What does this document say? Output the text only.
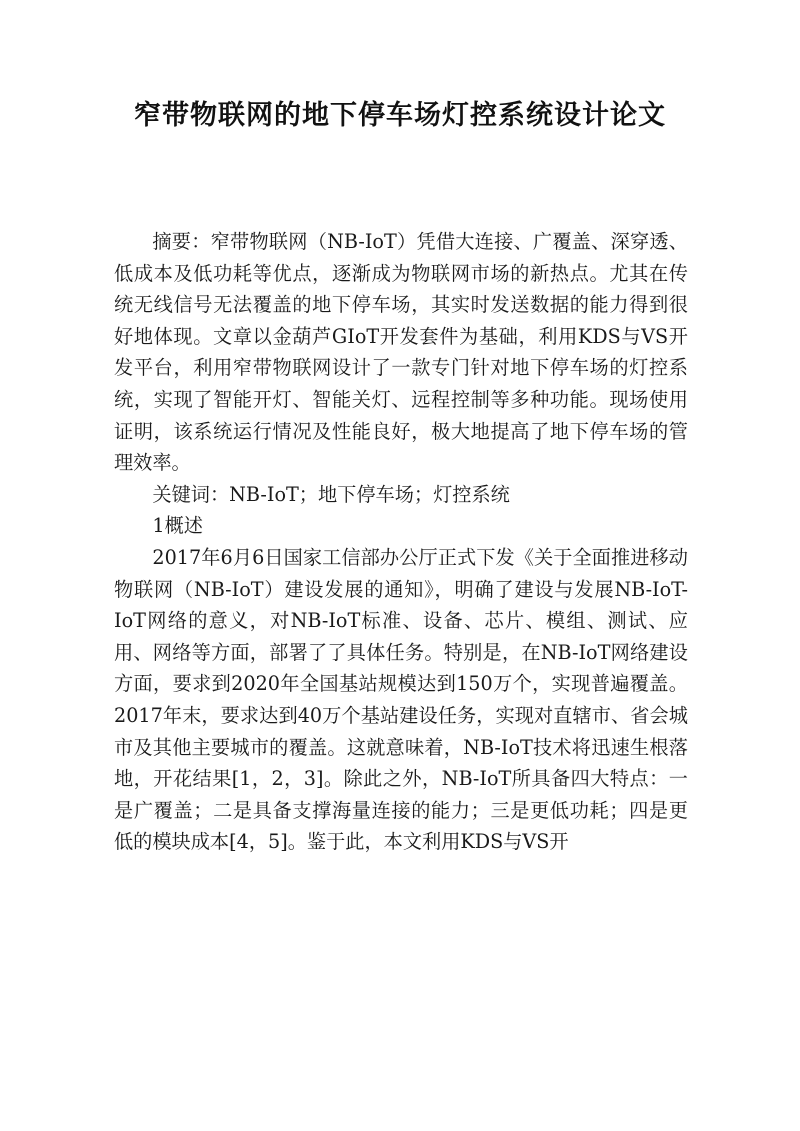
窄带物联网的地下停车场灯控系统设计论文

摘要：窄带物联网（NB-IoT）凭借大连接、广覆盖、深穿透、低成本及低功耗等优点，逐渐成为物联网市场的新热点。尤其在传统无线信号无法覆盖的地下停车场，其实时发送数据的能力得到很好地体现。文章以金葫芦GIoT开发套件为基础，利用KDS与VS开发平台，利用窄带物联网设计了一款专门针对地下停车场的灯控系统，实现了智能开灯、智能关灯、远程控制等多种功能。现场使用证明，该系统运行情况及性能良好，极大地提高了地下停车场的管理效率。

关键词：NB-IoT；地下停车场；灯控系统

1概述

2017年6月6日国家工信部办公厅正式下发《关于全面推进移动物联网（NB-IoT）建设发展的通知》，明确了建设与发展NB-IoT-IoT网络的意义，对NB-IoT标准、设备、芯片、模组、测试、应用、网络等方面，部署了了具体任务。特别是，在NB-IoT网络建设方面，要求到2020年全国基站规模达到150万个，实现普遍覆盖。2017年末，要求达到40万个基站建设任务，实现对直辖市、省会城市及其他主要城市的覆盖。这就意味着，NB-IoT技术将迅速生根落地，开花结果[1，2，3]。除此之外，NB-IoT所具备四大特点：一是广覆盖；二是具备支撑海量连接的能力；三是更低功耗；四是更低的模块成本[4，5]。鉴于此，本文利用KDS与VS开
